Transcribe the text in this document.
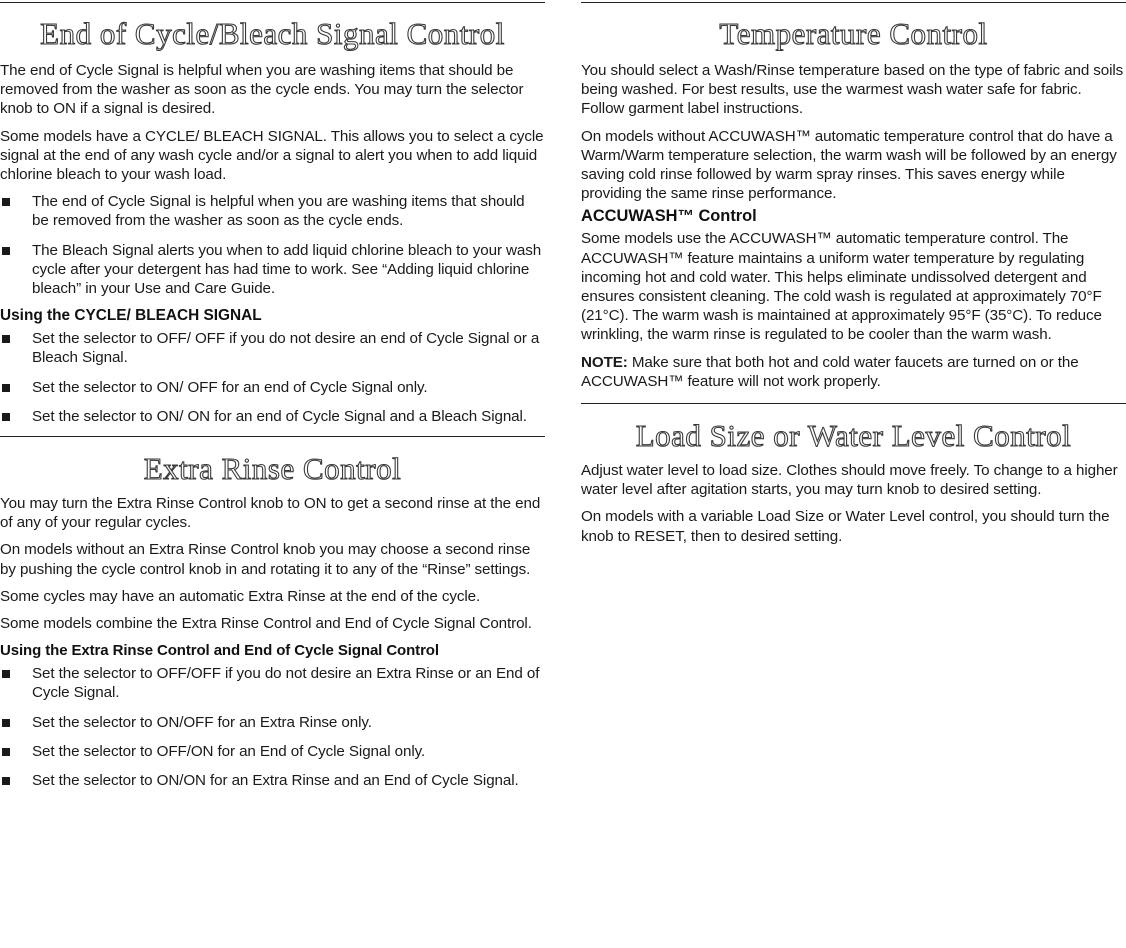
End of Cycle/Bleach Signal Control

The end of Cycle Signal is helpful when you are washing items that should be removed from the washer as soon as the cycle ends. You may turn the selector knob to ON if a signal is desired.

Some models have a CYCLE/ BLEACH SIGNAL. This allows you to select a cycle signal at the end of any wash cycle and/or a signal to alert you when to add liquid chlorine bleach to your wash load.

The end of Cycle Signal is helpful when you are washing items that should be removed from the washer as soon as the cycle ends.
The Bleach Signal alerts you when to add liquid chlorine bleach to your wash cycle after your detergent has had time to work. See “Adding liquid chlorine bleach” in your Use and Care Guide.
Using the CYCLE/ BLEACH SIGNAL
Set the selector to OFF/ OFF if you do not desire an end of Cycle Signal or a Bleach Signal.
Set the selector to ON/ OFF for an end of Cycle Signal only.
Set the selector to ON/ ON for an end of Cycle Signal and a Bleach Signal.
Extra Rinse Control

You may turn the Extra Rinse Control knob to ON to get a second rinse at the end of any of your regular cycles.

On models without an Extra Rinse Control knob you may choose a second rinse by pushing the cycle control knob in and rotating it to any of the “Rinse” settings.

Some cycles may have an automatic Extra Rinse at the end of the cycle.

Some models combine the Extra Rinse Control and End of Cycle Signal Control.

Using the Extra Rinse Control and End of Cycle Signal Control
Set the selector to OFF/OFF if you do not desire an Extra Rinse or an End of Cycle Signal.
Set the selector to ON/OFF for an Extra Rinse only.
Set the selector to OFF/ON for an End of Cycle Signal only.
Set the selector to ON/ON for an Extra Rinse and an End of Cycle Signal.
Temperature Control

You should select a Wash/Rinse temperature based on the type of fabric and soils being washed. For best results, use the warmest wash water safe for fabric. Follow garment label instructions.

On models without ACCUWASH™ automatic temperature control that do have a Warm/Warm temperature selection, the warm wash will be followed by an energy saving cold rinse followed by warm spray rinses. This saves energy while providing the same rinse performance.

ACCUWASH™ Control

Some models use the ACCUWASH™ automatic temperature control. The ACCUWASH™ feature maintains a uniform water temperature by regulating incoming hot and cold water. This helps eliminate undissolved detergent and ensures consistent cleaning. The cold wash is regulated at approximately 70°F (21°C). The warm wash is maintained at approximately 95°F (35°C). To reduce wrinkling, the warm rinse is regulated to be cooler than the warm wash.

NOTE: Make sure that both hot and cold water faucets are turned on or the ACCUWASH™ feature will not work properly.

Load Size or Water Level Control

Adjust water level to load size. Clothes should move freely. To change to a higher water level after agitation starts, you may turn knob to desired setting.

On models with a variable Load Size or Water Level control, you should turn the knob to RESET, then to desired setting.
